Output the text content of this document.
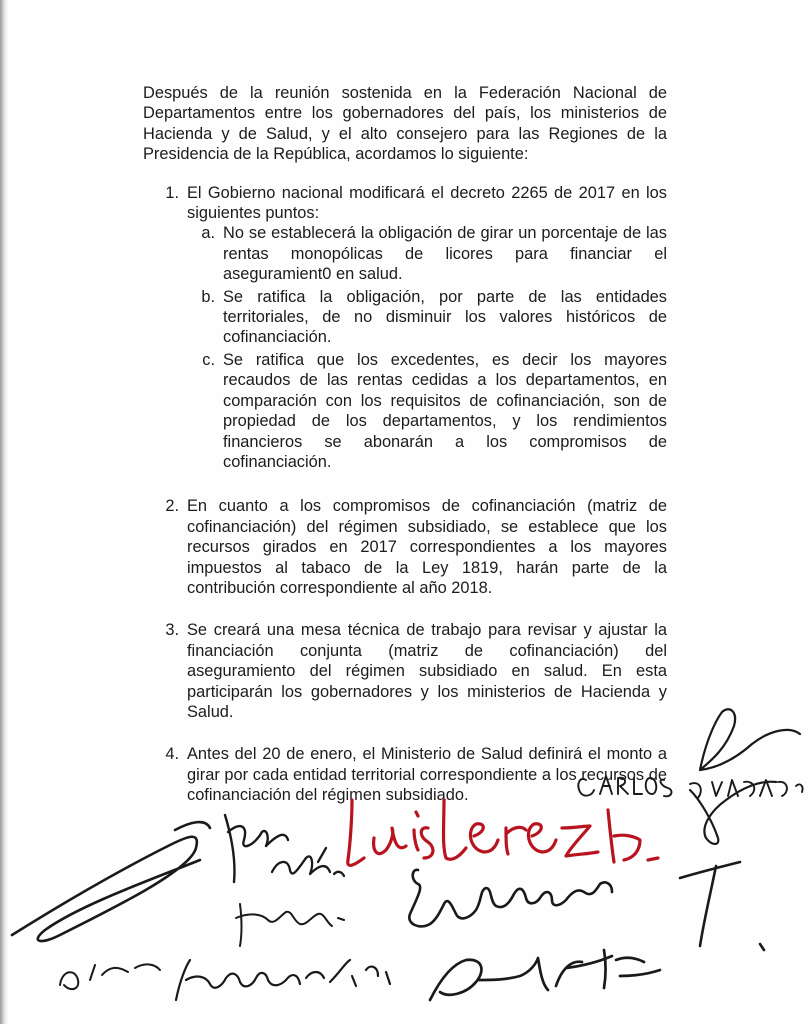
Después de la reunión sostenida en la Federación Nacional de Departamentos entre los gobernadores del país, los ministerios de Hacienda y de Salud, y el alto consejero para las Regiones de la Presidencia de la República, acordamos lo siguiente:

1. El Gobierno nacional modificará el decreto 2265 de 2017 en los siguientes puntos:

a. No se establecerá la obligación de girar un porcentaje de las rentas monopólicas de licores para financiar el aseguramient0 en salud.

b. Se ratifica la obligación, por parte de las entidades territoriales, de no disminuir los valores históricos de cofinanciación.

c. Se ratifica que los excedentes, es decir los mayores recaudos de las rentas cedidas a los departamentos, en comparación con los requisitos de cofinanciación, son de propiedad de los departamentos, y los rendimientos financieros se abonarán a los compromisos de cofinanciación.

2. En cuanto a los compromisos de cofinanciación (matriz de cofinanciación) del régimen subsidiado, se establece que los recursos girados en 2017 correspondientes a los mayores impuestos al tabaco de la Ley 1819, harán parte de la contribución correspondiente al año 2018.

3. Se creará una mesa técnica de trabajo para revisar y ajustar la financiación conjunta (matriz de cofinanciación) del aseguramiento del régimen subsidiado en salud. En esta participarán los gobernadores y los ministerios de Hacienda y Salud.

4. Antes del 20 de enero, el Ministerio de Salud definirá el monto a girar por cada entidad territorial correspondiente a los recursos de cofinanciación del régimen subsidiado.
